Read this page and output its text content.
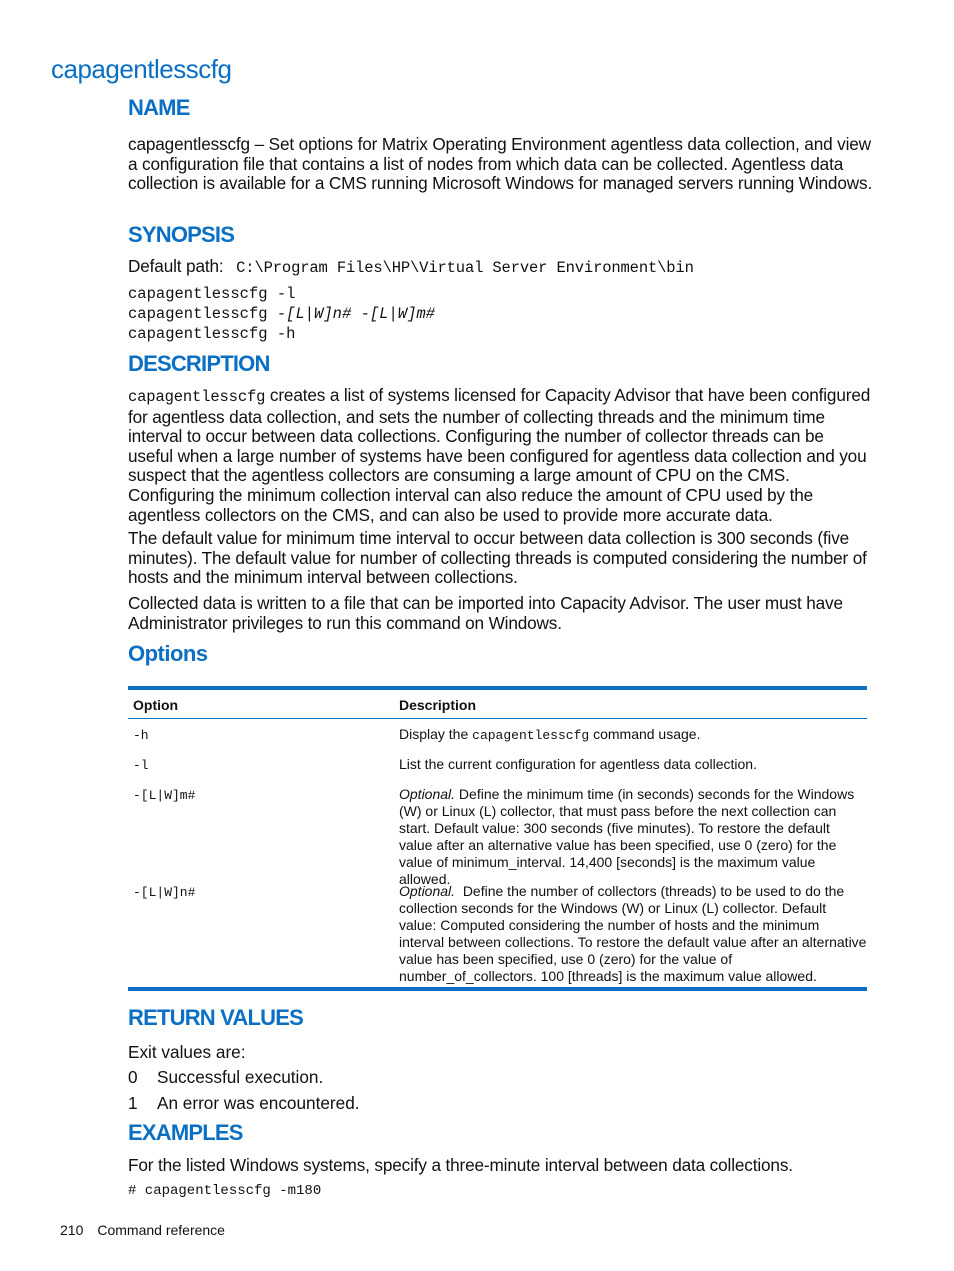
capagentlesscfg
NAME
capagentlesscfg – Set options for Matrix Operating Environment agentless data collection, and view a configuration file that contains a list of nodes from which data can be collected. Agentless data collection is available for a CMS running Microsoft Windows for managed servers running Windows.
SYNOPSIS
Default path: C:\Program Files\HP\Virtual Server Environment\bin
capagentlesscfg -l
capagentlesscfg -[L|W]n# -[L|W]m#
capagentlesscfg -h
DESCRIPTION
capagentlesscfg creates a list of systems licensed for Capacity Advisor that have been configured for agentless data collection, and sets the number of collecting threads and the minimum time interval to occur between data collections. Configuring the number of collector threads can be useful when a large number of systems have been configured for agentless data collection and you suspect that the agentless collectors are consuming a large amount of CPU on the CMS. Configuring the minimum collection interval can also reduce the amount of CPU used by the agentless collectors on the CMS, and can also be used to provide more accurate data.
The default value for minimum time interval to occur between data collection is 300 seconds (five minutes). The default value for number of collecting threads is computed considering the number of hosts and the minimum interval between collections.
Collected data is written to a file that can be imported into Capacity Advisor. The user must have Administrator privileges to run this command on Windows.
Options
Option	Description
-h	Display the capagentlesscfg command usage.
-l	List the current configuration for agentless data collection.
-[L|W]m#	Optional. Define the minimum time (in seconds) seconds for the Windows (W) or Linux (L) collector, that must pass before the next collection can start. Default value: 300 seconds (five minutes). To restore the default value after an alternative value has been specified, use 0 (zero) for the value of minimum_interval. 14,400 [seconds] is the maximum value allowed.
-[L|W]n#	Optional.  Define the number of collectors (threads) to be used to do the collection seconds for the Windows (W) or Linux (L) collector. Default value: Computed considering the number of hosts and the minimum interval between collections. To restore the default value after an alternative value has been specified, use 0 (zero) for the value of number_of_collectors. 100 [threads] is the maximum value allowed.
RETURN VALUES
Exit values are:
0 Successful execution.
1 An error was encountered.
EXAMPLES
For the listed Windows systems, specify a three-minute interval between data collections.
# capagentlesscfg -m180
210 Command reference
